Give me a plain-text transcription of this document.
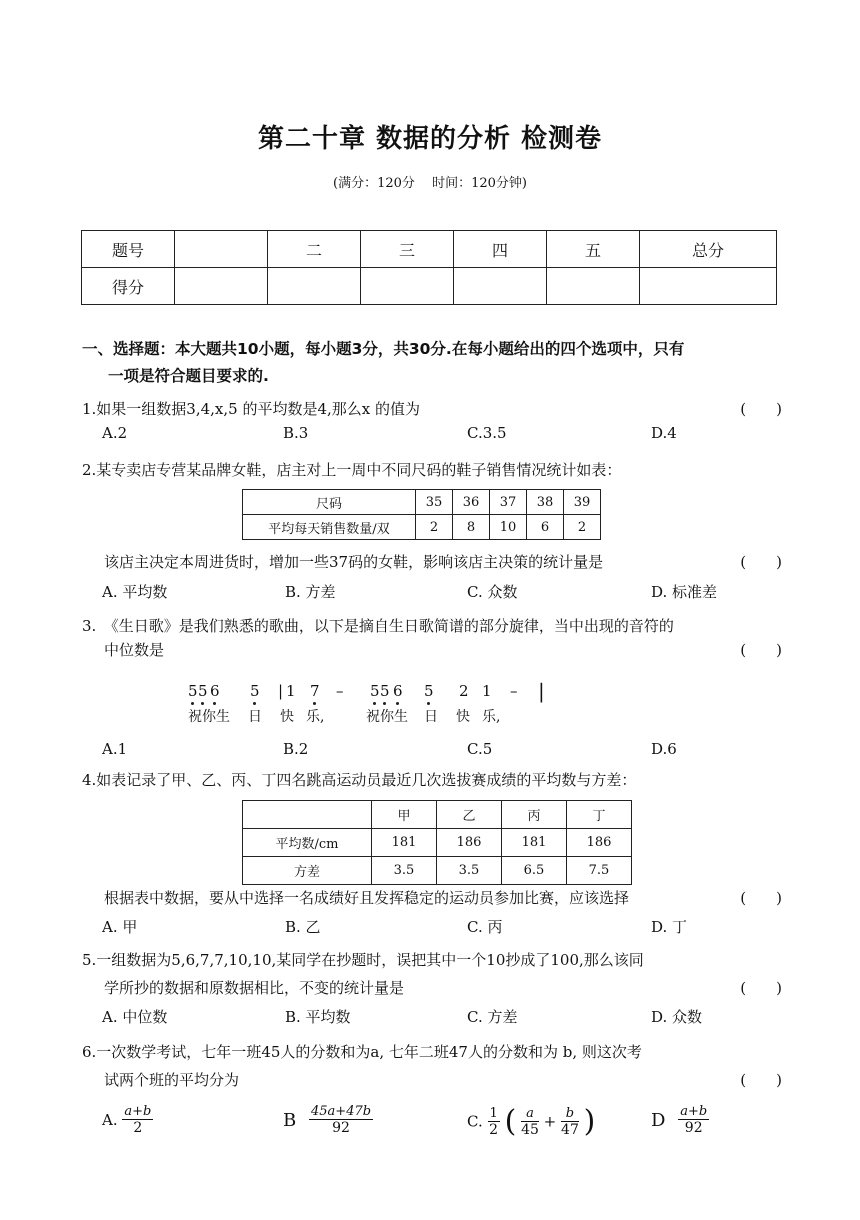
第二十章 数据的分析 检测卷
(满分：120分　 时间：120分钟)
题号		二	三	四	五	总分
得分						
一、选择题：本大题共10小题，每小题3分，共30分.在每小题给出的四个选项中，只有
一项是符合题目要求的.
1.如果一组数据3,4,x,5 的平均数是4,那么x 的值为	(　　)
A.2	B.3	C.3.5	D.4
2.某专卖店专营某品牌女鞋，店主对上一周中不同尺码的鞋子销售情况统计如表：
尺码	35	36	37	38	39
平均每天销售数量/双	2	8	10	6	2
该店主决定本周进货时，增加一些37码的女鞋，影响该店主决策的统计量是	(　　)
A. 平均数	B. 方差	C. 众数	D. 标准差
3.　《生日歌》是我们熟悉的歌曲，以下是摘自生日歌简谱的部分旋律，当中出现的音符的
中位数是	(　　)
5 5 6 5 | 1 7 – 5 5 6 5 2 1 – |
祝你生 日 快 乐,	祝你生 日 快 乐,
A.1	B.2	C.5	D.6
4.如表记录了甲、乙、丙、丁四名跳高运动员最近几次选拔赛成绩的平均数与方差：
	甲	乙	丙	丁
平均数/cm	181	186	181	186
方差	3.5	3.5	6.5	7.5
根据表中数据，要从中选择一名成绩好且发挥稳定的运动员参加比赛，应该选择	(　　)
A. 甲	B. 乙	C. 丙	D. 丁
5.一组数据为5,6,7,7,10,10,某同学在抄题时，误把其中一个10抄成了100,那么该同
学所抄的数据和原数据相比，不变的统计量是	(　　)
A. 中位数	B. 平均数	C. 方差	D. 众数
6.一次数学考试，七年一班45人的分数和为a, 七年二班47人的分数和为 b, 则这次考
试两个班的平均分为	(　　)
A. $\frac{a+b}{2}$	B $\frac{45a+47b}{92}$	C. $\frac{1}{2}$ ( $\frac{a}{45} + \frac{b}{47}$ )	D $\frac{a+b}{92}$
